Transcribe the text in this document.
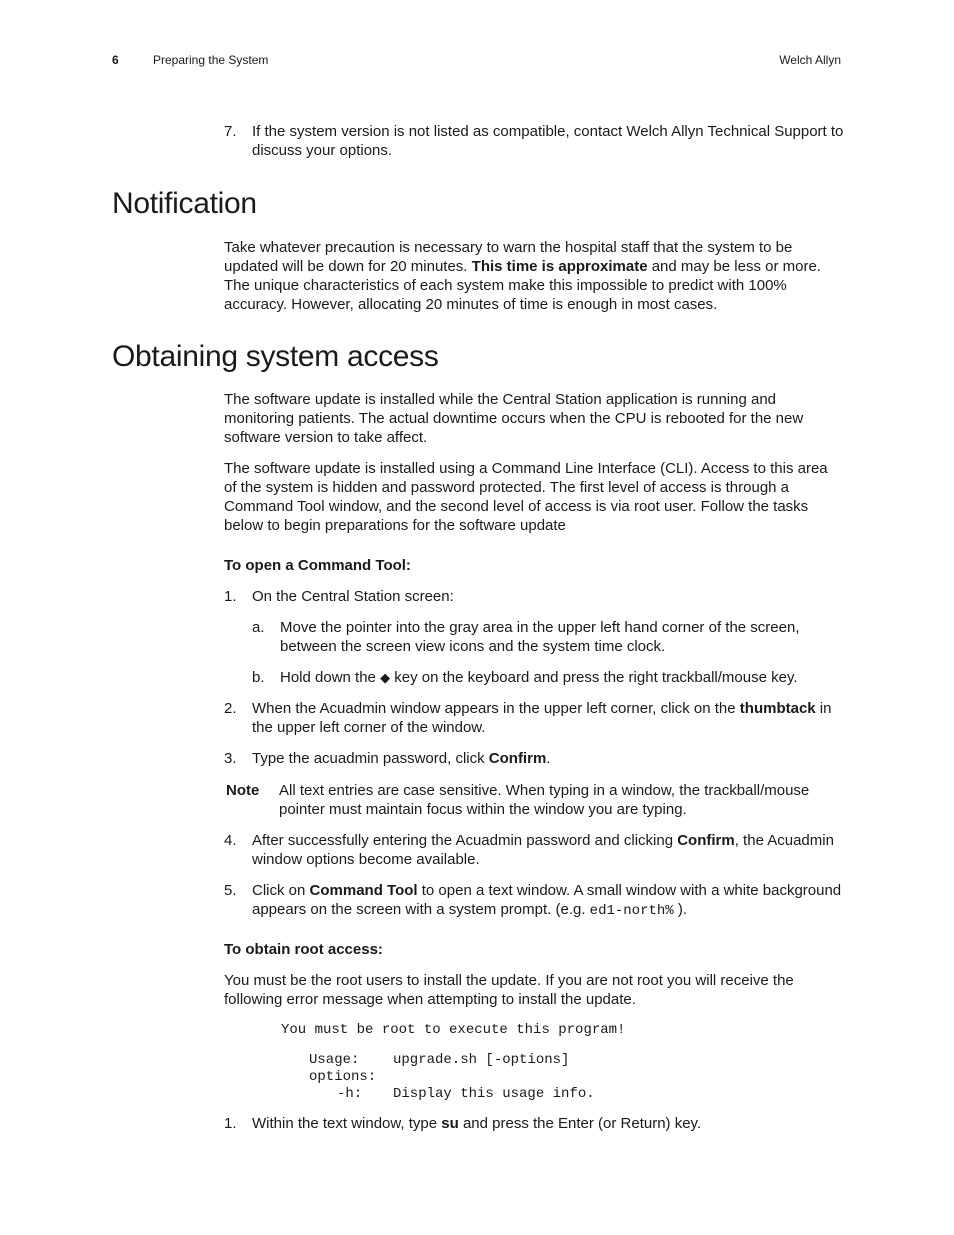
6	Preparing the System	Welch Allyn
7. If the system version is not listed as compatible, contact Welch Allyn Technical Support to discuss your options.
Notification
Take whatever precaution is necessary to warn the hospital staff that the system to be updated will be down for 20 minutes. This time is approximate and may be less or more. The unique characteristics of each system make this impossible to predict with 100% accuracy. However, allocating 20 minutes of time is enough in most cases.
Obtaining system access
The software update is installed while the Central Station application is running and monitoring patients. The actual downtime occurs when the CPU is rebooted for the new software version to take affect.
The software update is installed using a Command Line Interface (CLI). Access to this area of the system is hidden and password protected. The first level of access is through a Command Tool window, and the second level of access is via root user. Follow the tasks below to begin preparations for the software update
To open a Command Tool:
1. On the Central Station screen:
a. Move the pointer into the gray area in the upper left hand corner of the screen, between the screen view icons and the system time clock.
b. Hold down the ◆ key on the keyboard and press the right trackball/mouse key.
2. When the Acuadmin window appears in the upper left corner, click on the thumbtack in the upper left corner of the window.
3. Type the acuadmin password, click Confirm.
Note All text entries are case sensitive. When typing in a window, the trackball/mouse pointer must maintain focus within the window you are typing.
4. After successfully entering the Acuadmin password and clicking Confirm, the Acuadmin window options become available.
5. Click on Command Tool to open a text window. A small window with a white background appears on the screen with a system prompt. (e.g. ed1-north% ).
To obtain root access:
You must be the root users to install the update. If you are not root you will receive the following error message when attempting to install the update.
You must be root to execute this program!
Usage: upgrade.sh [-options]
options:
-h: Display this usage info.
1. Within the text window, type su and press the Enter (or Return) key.
